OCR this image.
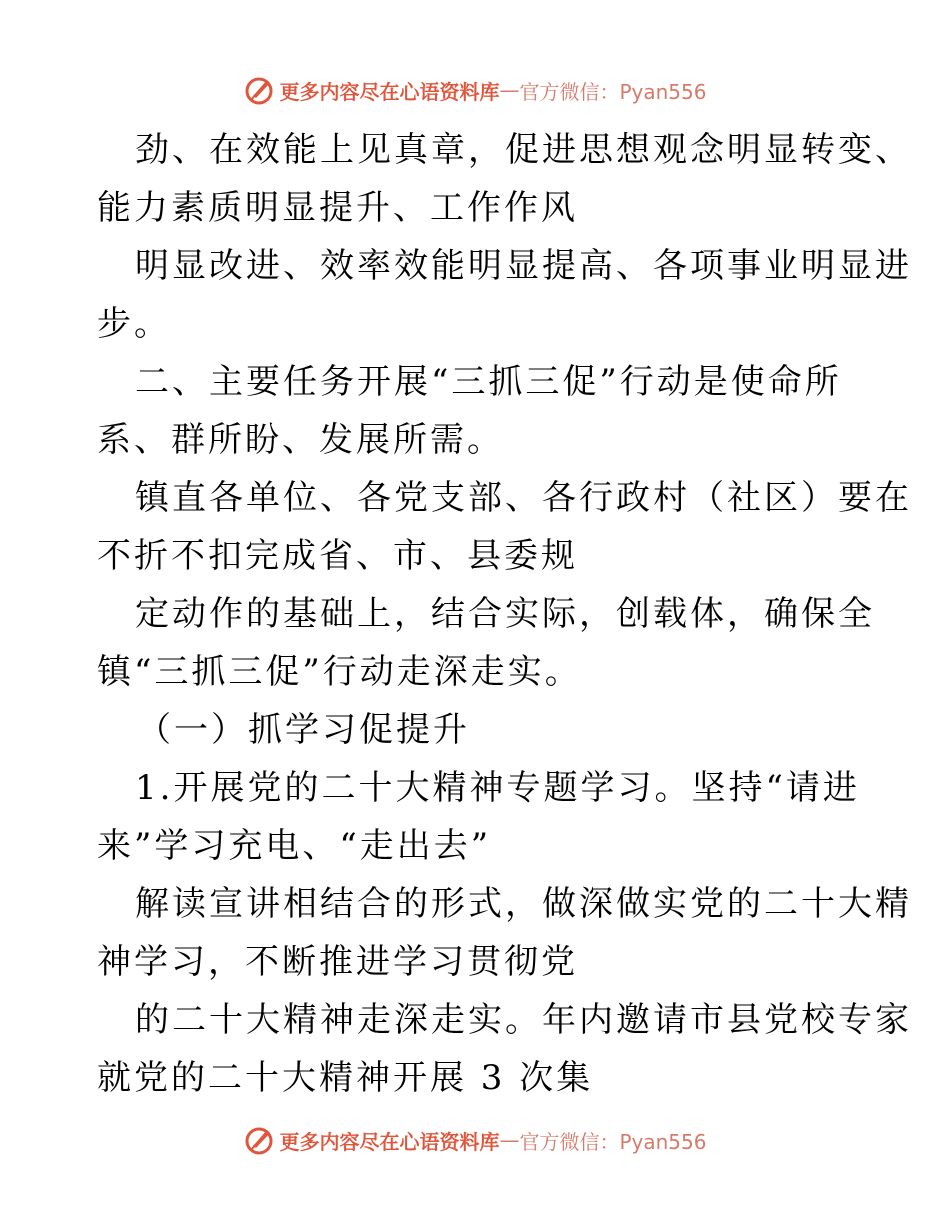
更多内容尽在心语资料库 — 官方微信：Pyan556
劲、在效能上见真章，促进思想观念明显转变、
能力素质明显提升、工作作风
明显改进、效率效能明显提高、各项事业明显进
步。
二、主要任务开展“三抓三促”行动是使命所
系、群所盼、发展所需。
镇直各单位、各党支部、各行政村（社区）要在
不折不扣完成省、市、县委规
定动作的基础上，结合实际，创载体，确保全
镇“三抓三促”行动走深走实。
（一）抓学习促提升
1.开展党的二十大精神专题学习。坚持“请进
来”学习充电、“走出去”
解读宣讲相结合的形式，做深做实党的二十大精
神学习，不断推进学习贯彻党
的二十大精神走深走实。年内邀请市县党校专家
就党的二十大精神开展 3 次集
更多内容尽在心语资料库 — 官方微信：Pyan556
